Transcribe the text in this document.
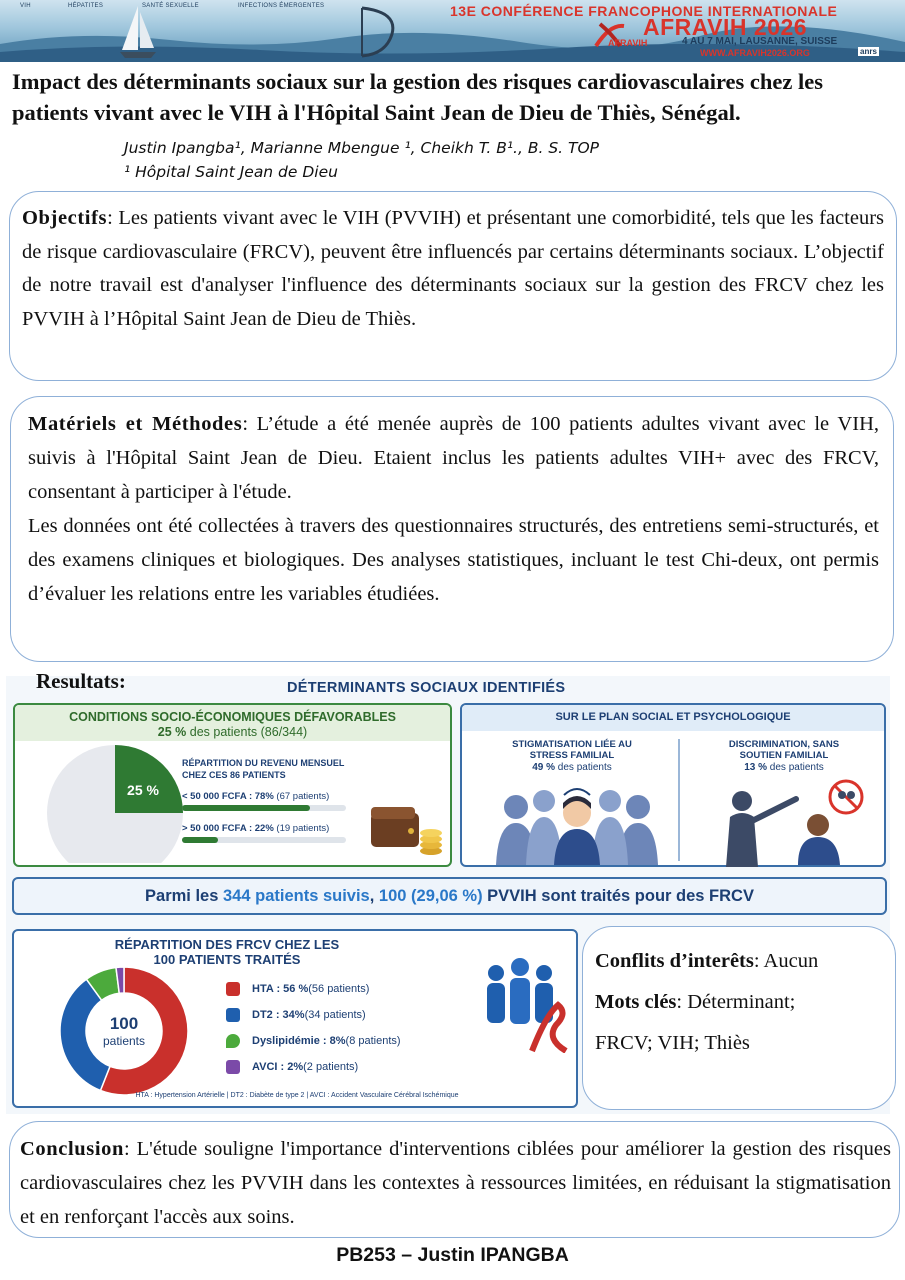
VIH	HÉPATITES	SANTÉ SEXUELLE	INFECTIONS ÉMERGENTES	13E CONFÉRENCE FRANCOPHONE INTERNATIONALE
AFRAVIH
AFRAVIH 2026
4 AU 7 MAI, LAUSANNE, SUISSE
WWW.AFRAVIH2026.ORG	anrs
Impact des déterminants sociaux sur la gestion des risques cardiovasculaires chez les patients vivant avec le VIH à l'Hôpital Saint Jean de Dieu de Thiès, Sénégal.
Justin Ipangba¹, Marianne Mbengue ¹, Cheikh T. B¹., B. S. TOP
¹ Hôpital Saint Jean de Dieu
Objectifs: Les patients vivant avec le VIH (PVVIH) et présentant une comorbidité, tels que les facteurs de risque cardiovasculaire (FRCV), peuvent être influencés par certains déterminants sociaux. L’objectif de notre travail est d'analyser l'influence des déterminants sociaux sur la gestion des FRCV chez les PVVIH à l’Hôpital Saint Jean de Dieu de Thiès.
Matériels et Méthodes: L’étude a été menée auprès de 100 patients adultes vivant avec le VIH, suivis à l'Hôpital Saint Jean de Dieu. Etaient inclus les patients adultes VIH+ avec des FRCV, consentant à participer à l'étude.
Les données ont été collectées à travers des questionnaires structurés, des entretiens semi-structurés, et des examens cliniques et biologiques. Des analyses statistiques, incluant le test Chi-deux, ont permis d’évaluer les relations entre les variables étudiées.
Resultats:	DÉTERMINANTS SOCIAUX IDENTIFIÉS
CONDITIONS SOCIO-ÉCONOMIQUES DÉFAVORABLES
25 % des patients (86/344)
25 %
RÉPARTITION DU REVENU MENSUEL
CHEZ CES 86 PATIENTS
< 50 000 FCFA : 78% (67 patients)
> 50 000 FCFA : 22% (19 patients)
SUR LE PLAN SOCIAL ET PSYCHOLOGIQUE
STIGMATISATION LIÉE AU
STRESS FAMILIAL
49 % des patients
DISCRIMINATION, SANS
SOUTIEN FAMILIAL
13 % des patients
Parmi les 344 patients suivis, 100 (29,06 %) PVVIH sont traités pour des FRCV
RÉPARTITION DES FRCV CHEZ LES
100 PATIENTS TRAITÉS
100
patients
HTA : 56 % (56 patients)
DT2 : 34% (34 patients)
Dyslipidémie : 8% (8 patients)
AVCI : 2% (2 patients)
HTA : Hypertension Artérielle | DT2 : Diabète de type 2 | AVCI : Accident Vasculaire Cérébral Ischémique
Conflits d’interêts: Aucun
Mots clés: Déterminant;
FRCV; VIH; Thiès
Conclusion: L'étude souligne l'importance d'interventions ciblées pour améliorer la gestion des risques cardiovasculaires chez les PVVIH dans les contextes à ressources limitées, en réduisant la stigmatisation et en renforçant l'accès aux soins.
PB253 – Justin IPANGBA
